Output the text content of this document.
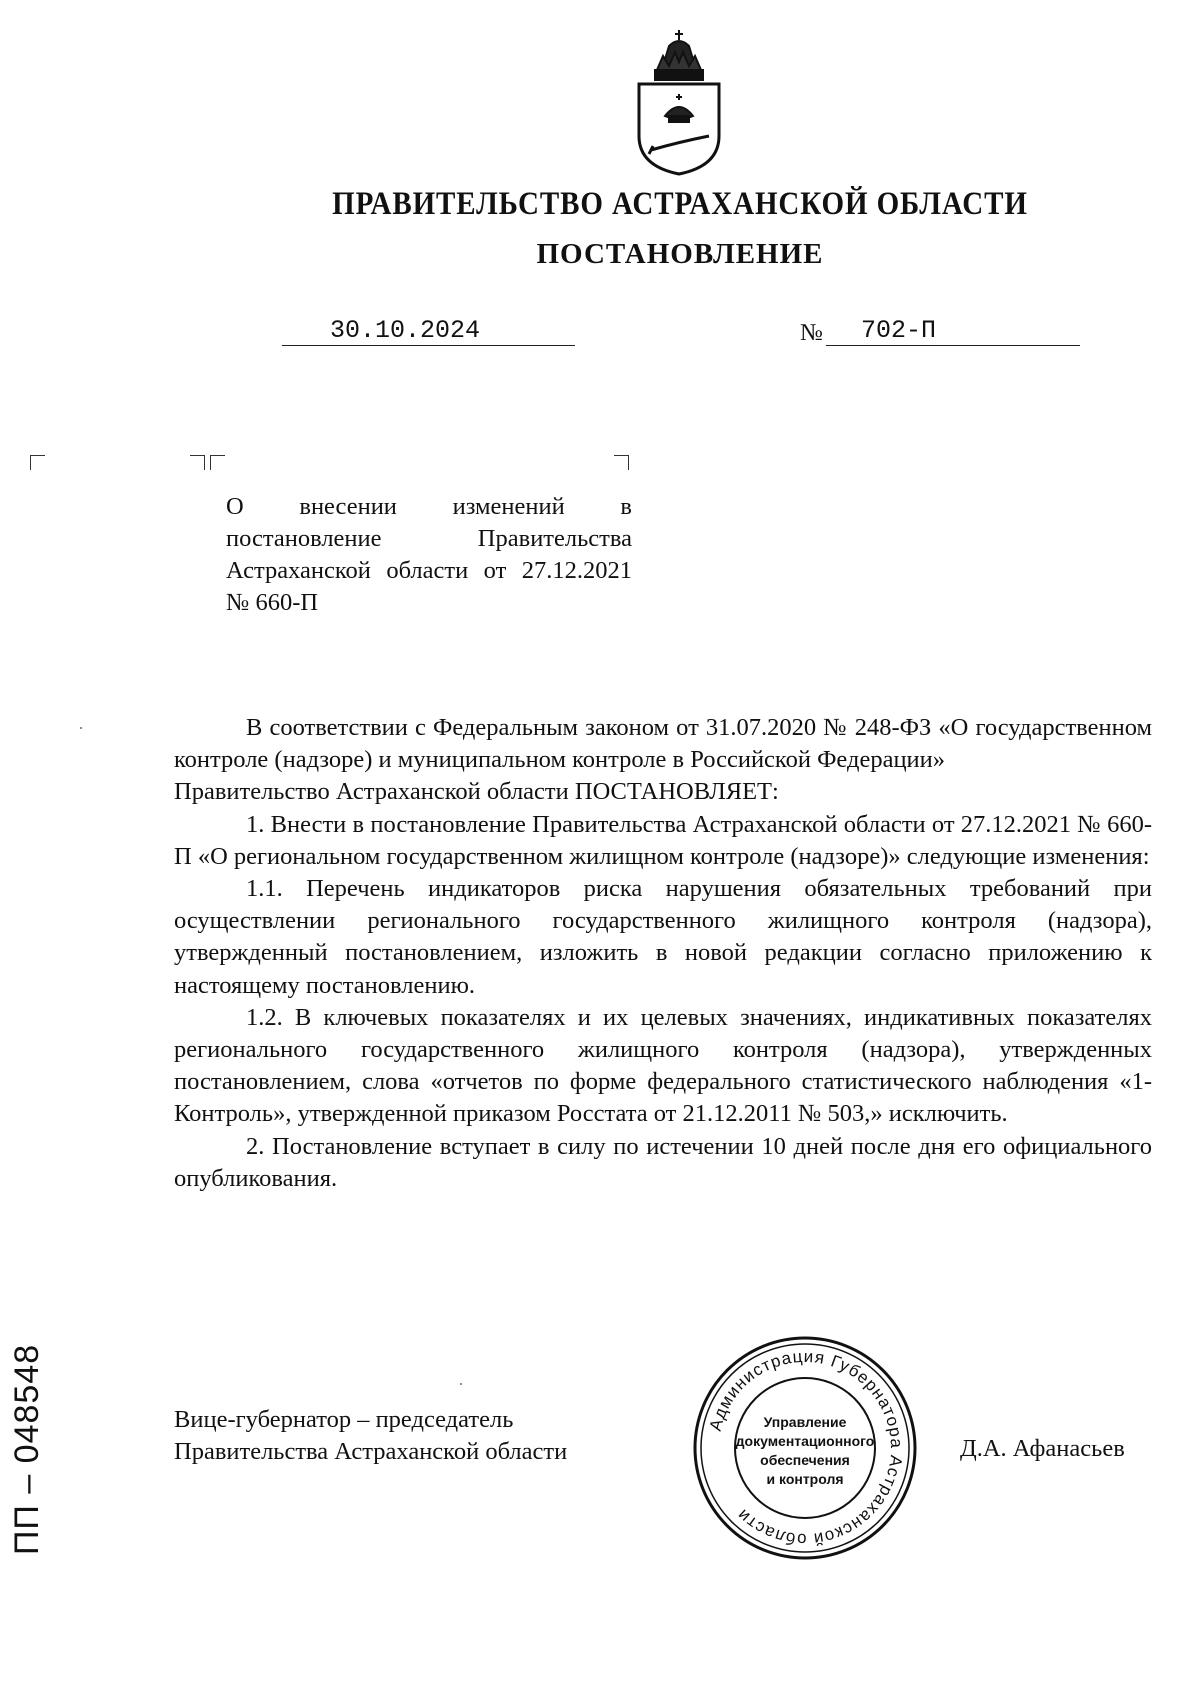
ПРАВИТЕЛЬСТВО АСТРАХАНСКОЙ ОБЛАСТИ
ПОСТАНОВЛЕНИЕ
30.10.2024	№ 702-П
О внесении изменений в постановление Правительства Астраханской области от 27.12.2021 № 660-П

В соответствии с Федеральным законом от 31.07.2020 № 248-ФЗ «О государственном контроле (надзоре) и муниципальном контроле в Российской Федерации»

Правительство Астраханской области ПОСТАНОВЛЯЕТ:

1. Внести в постановление Правительства Астраханской области от 27.12.2021 № 660-П «О региональном государственном жилищном контроле (надзоре)» следующие изменения:

1.1. Перечень индикаторов риска нарушения обязательных требований при осуществлении регионального государственного жилищного контроля (надзора), утвержденный постановлением, изложить в новой редакции согласно приложению к настоящему постановлению.

1.2. В ключевых показателях и их целевых значениях, индикативных показателях регионального государственного жилищного контроля (надзора), утвержденных постановлением, слова «отчетов по форме федерального статистического наблюдения «1-Контроль», утвержденной приказом Росстата от 21.12.2011 № 503,» исключить.

2. Постановление вступает в силу по истечении 10 дней после дня его официального опубликования.

Вице-губернатор – председатель
Правительства Астраханской области	Д.А. Афанасьев
Администрация Губернатора Астраханской области
Управление
документационного
обеспечения
и контроля
ПП – 048548
